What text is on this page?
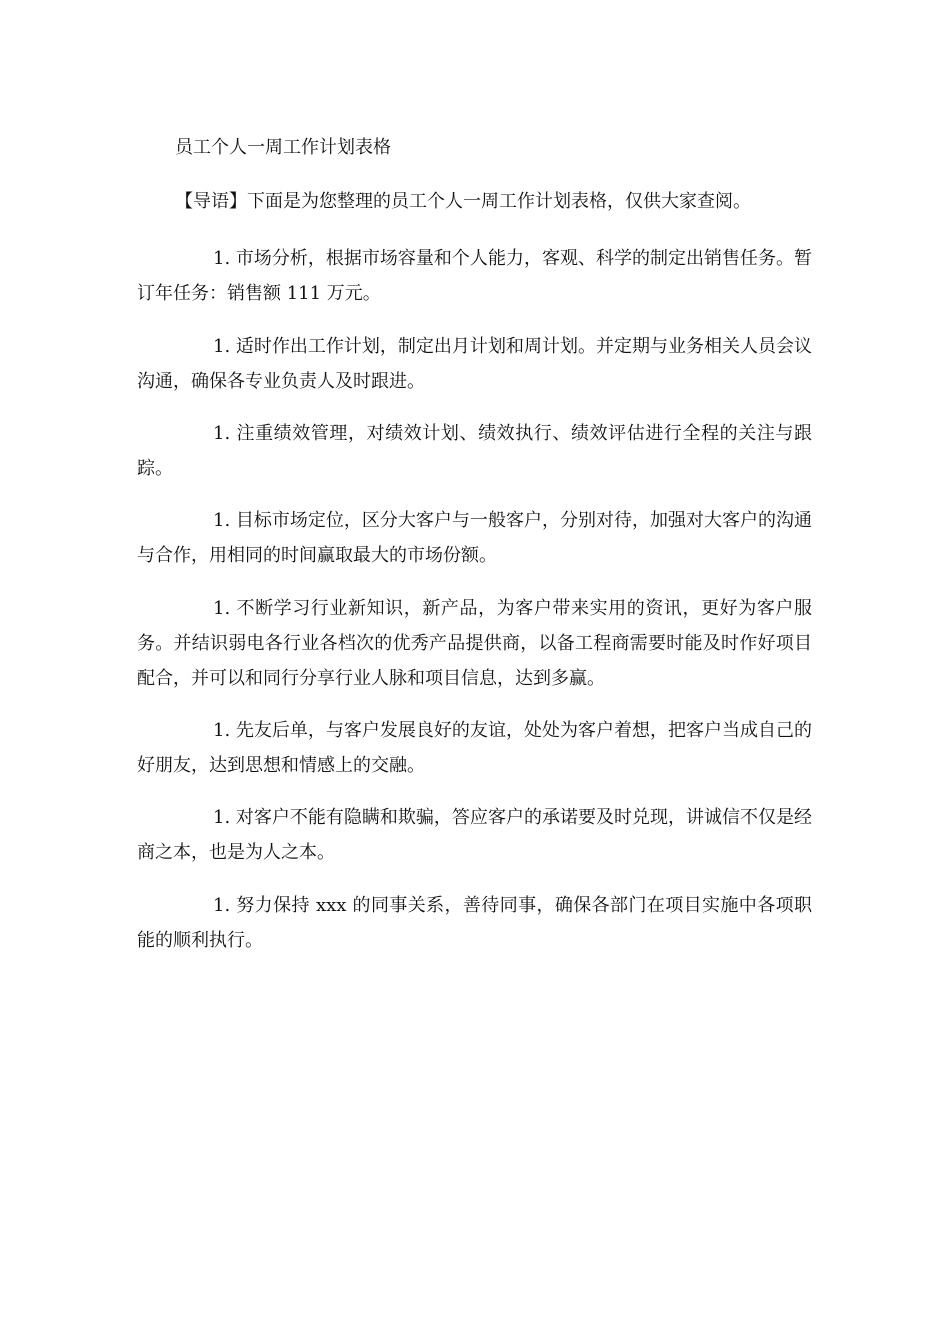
员工个人一周工作计划表格
【导语】下面是为您整理的员工个人一周工作计划表格，仅供大家查阅。

1. 市场分析，根据市场容量和个人能力，客观、科学的制定出销售任务。暂订年任务：销售额 111 万元。

1. 适时作出工作计划，制定出月计划和周计划。并定期与业务相关人员会议沟通，确保各专业负责人及时跟进。

1. 注重绩效管理，对绩效计划、绩效执行、绩效评估进行全程的关注与跟踪。

1. 目标市场定位，区分大客户与一般客户，分别对待，加强对大客户的沟通与合作，用相同的时间赢取最大的市场份额。

1. 不断学习行业新知识，新产品，为客户带来实用的资讯，更好为客户服务。并结识弱电各行业各档次的优秀产品提供商，以备工程商需要时能及时作好项目配合，并可以和同行分享行业人脉和项目信息，达到多赢。

1. 先友后单，与客户发展良好的友谊，处处为客户着想，把客户当成自己的好朋友，达到思想和情感上的交融。

1. 对客户不能有隐瞒和欺骗，答应客户的承诺要及时兑现，讲诚信不仅是经商之本，也是为人之本。

1. 努力保持 xxx 的同事关系，善待同事，确保各部门在项目实施中各项职能的顺利执行。
